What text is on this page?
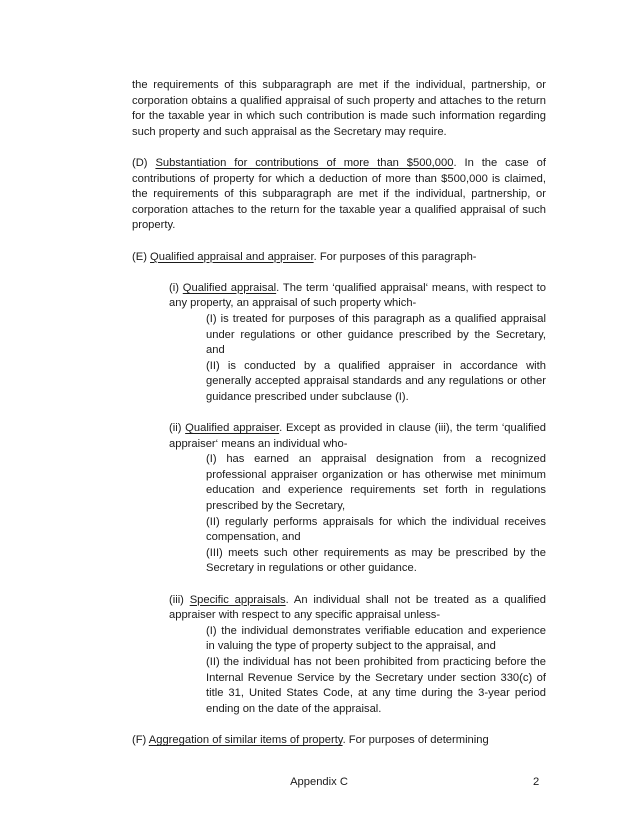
the requirements of this subparagraph are met if the individual, partnership, or corporation obtains a qualified appraisal of such property and attaches to the return for the taxable year in which such contribution is made such information regarding such property and such appraisal as the Secretary may require.

(D) Substantiation for contributions of more than $500,000. In the case of contributions of property for which a deduction of more than $500,000 is claimed, the requirements of this subparagraph are met if the individual, partnership, or corporation attaches to the return for the taxable year a qualified appraisal of such property.

(E) Qualified appraisal and appraiser. For purposes of this paragraph-

(i) Qualified appraisal. The term ‘qualified appraisal‘ means, with respect to any property, an appraisal of such property which-

(I) is treated for purposes of this paragraph as a qualified appraisal under regulations or other guidance prescribed by the Secretary, and

(II) is conducted by a qualified appraiser in accordance with generally accepted appraisal standards and any regulations or other guidance prescribed under subclause (I).

(ii) Qualified appraiser. Except as provided in clause (iii), the term ‘qualified appraiser‘ means an individual who-

(I) has earned an appraisal designation from a recognized professional appraiser organization or has otherwise met minimum education and experience requirements set forth in regulations prescribed by the Secretary,

(II) regularly performs appraisals for which the individual receives compensation, and

(III) meets such other requirements as may be prescribed by the Secretary in regulations or other guidance.

(iii) Specific appraisals. An individual shall not be treated as a qualified appraiser with respect to any specific appraisal unless-

(I) the individual demonstrates verifiable education and experience in valuing the type of property subject to the appraisal, and

(II) the individual has not been prohibited from practicing before the Internal Revenue Service by the Secretary under section 330(c) of title 31, United States Code, at any time during the 3-year period ending on the date of the appraisal.

(F) Aggregation of similar items of property. For purposes of determining

Appendix C	2
